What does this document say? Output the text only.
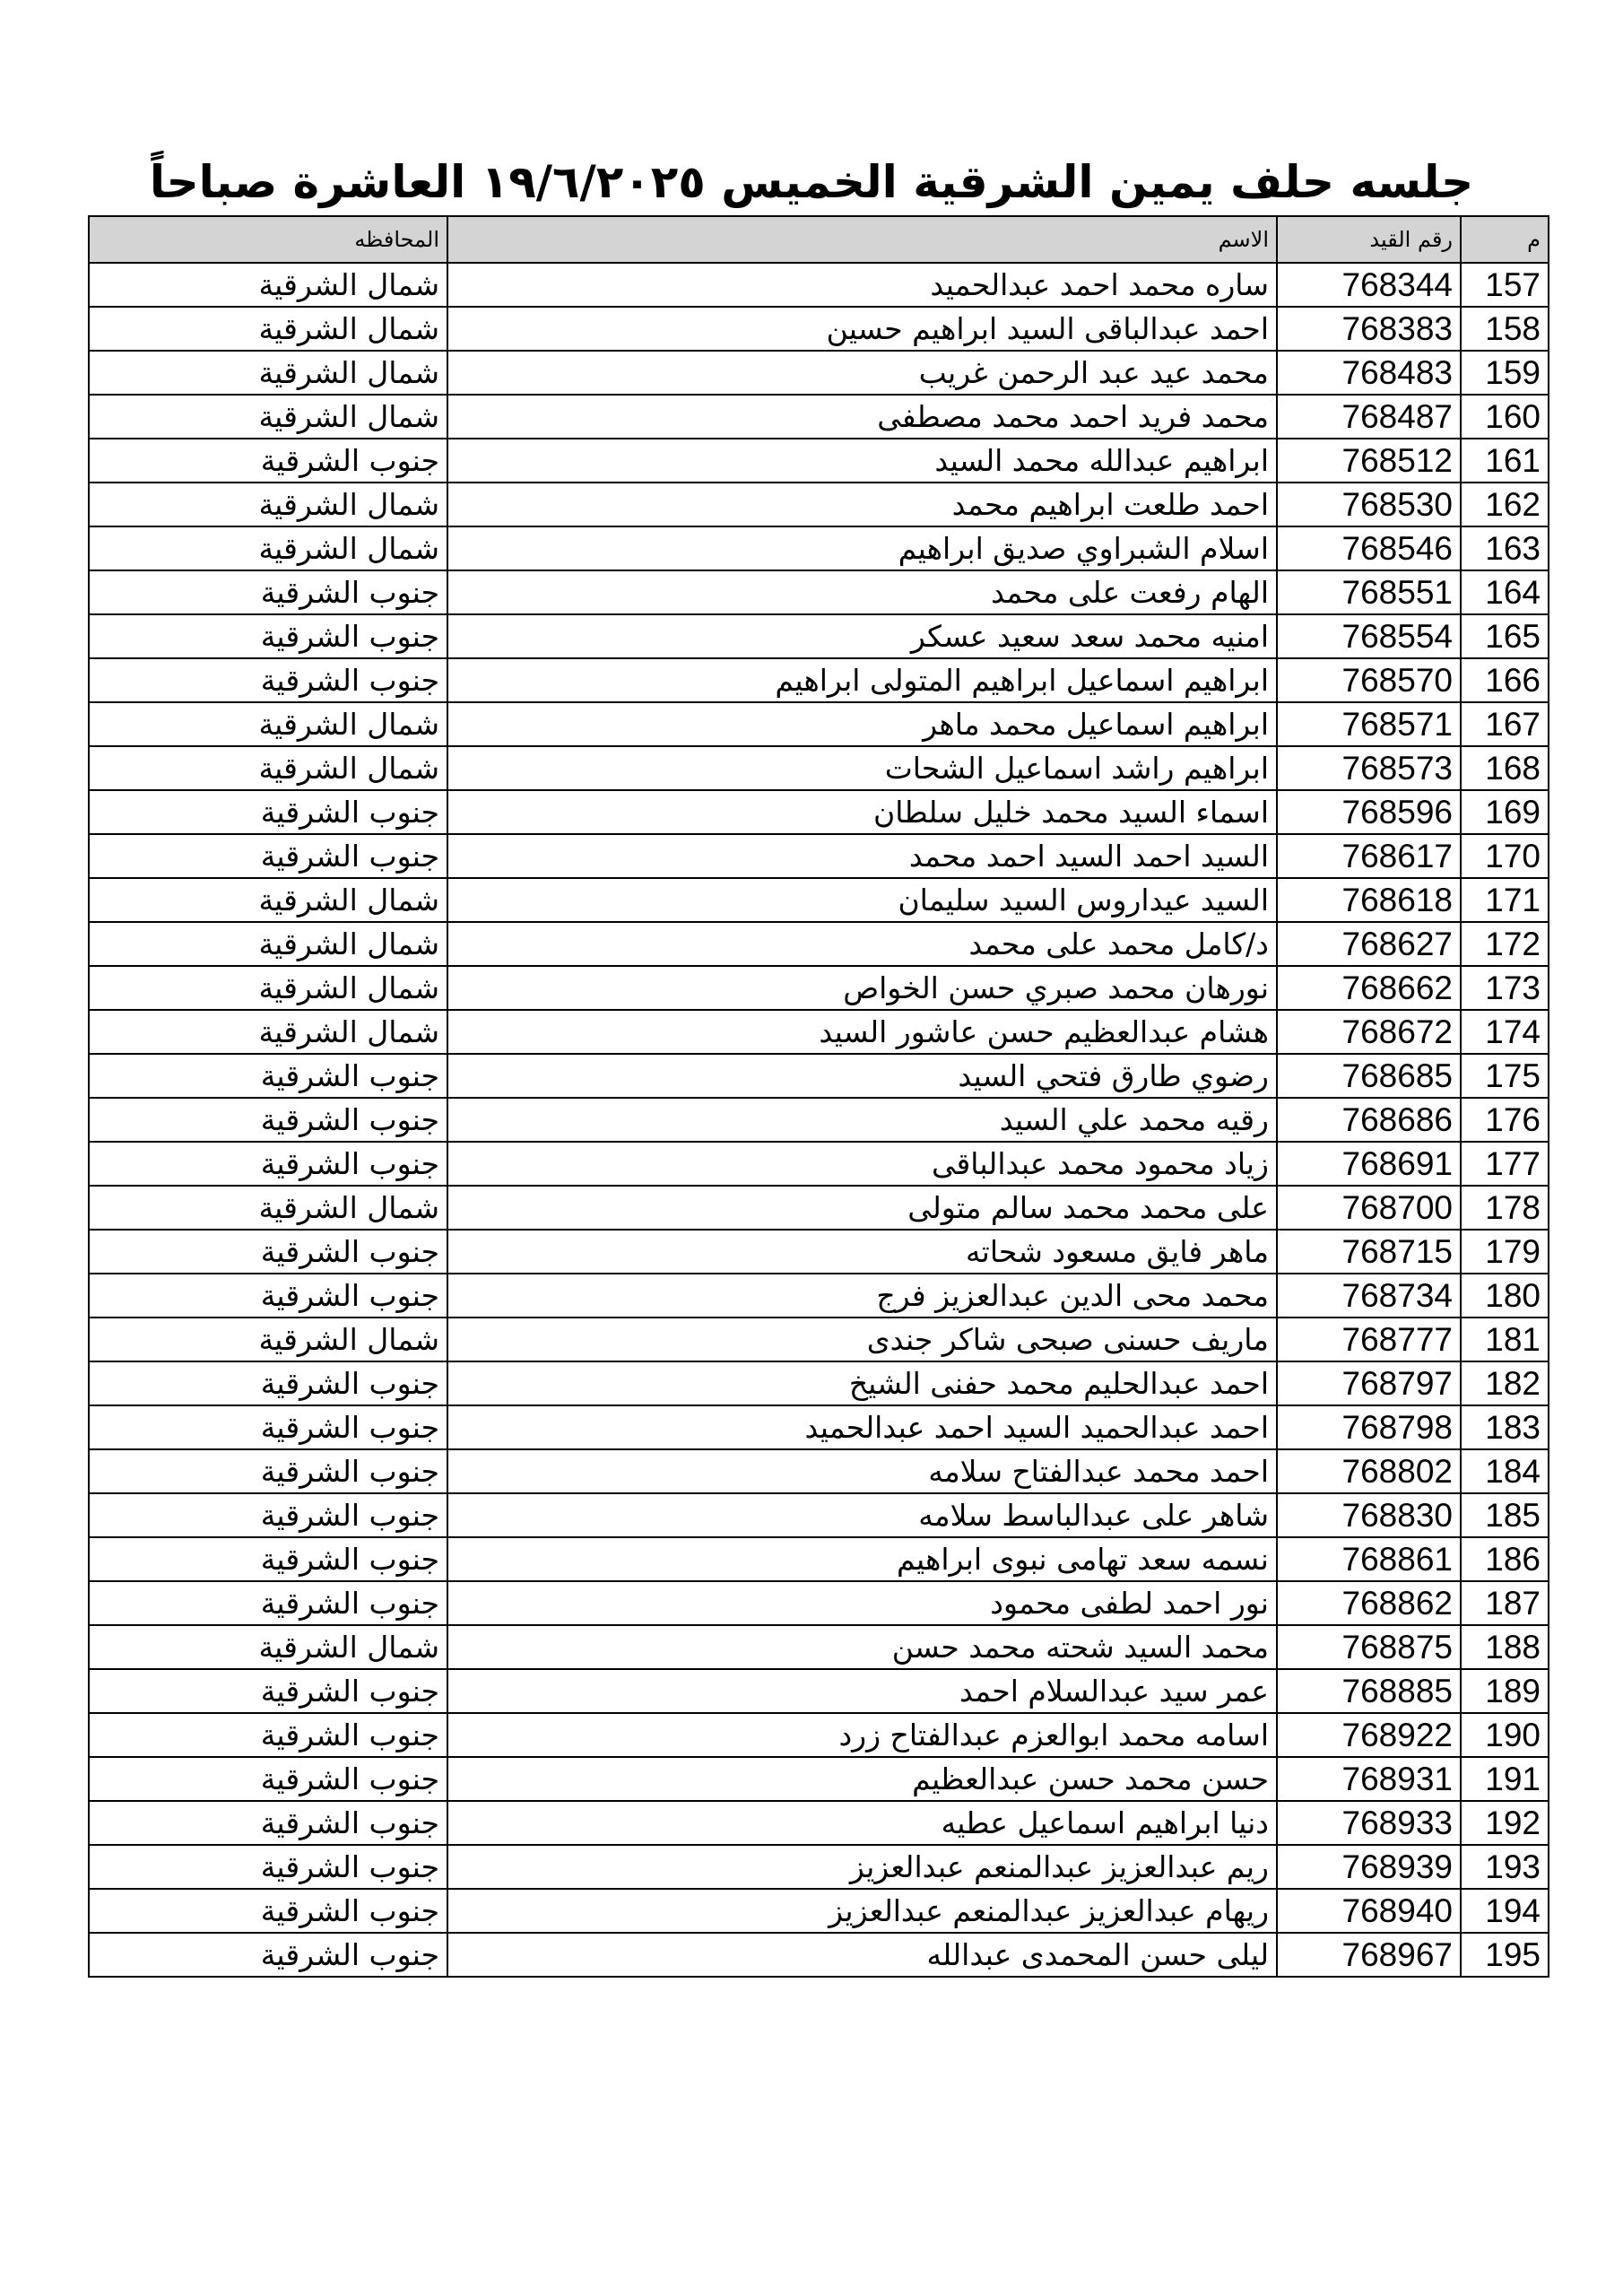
جلسه حلف يمين الشرقية الخميس ١٩/٦/٢٠٢٥ العاشرة صباحاً
م	رقم القيد	الاسم	المحافظه
157	768344	ساره محمد احمد عبدالحميد	شمال الشرقية
158	768383	احمد عبدالباقى السيد ابراهيم حسين	شمال الشرقية
159	768483	محمد عيد عبد الرحمن غريب	شمال الشرقية
160	768487	محمد فريد احمد محمد مصطفى	شمال الشرقية
161	768512	ابراهيم عبدالله محمد السيد	جنوب الشرقية
162	768530	احمد طلعت ابراهيم محمد	شمال الشرقية
163	768546	اسلام الشبراوي صديق ابراهيم	شمال الشرقية
164	768551	الهام رفعت على محمد	جنوب الشرقية
165	768554	امنيه محمد سعد سعيد عسكر	جنوب الشرقية
166	768570	ابراهيم اسماعيل ابراهيم المتولى ابراهيم	جنوب الشرقية
167	768571	ابراهيم اسماعيل محمد ماهر	شمال الشرقية
168	768573	ابراهيم راشد اسماعيل الشحات	شمال الشرقية
169	768596	اسماء السيد محمد خليل سلطان	جنوب الشرقية
170	768617	السيد احمد السيد احمد محمد	جنوب الشرقية
171	768618	السيد عيداروس السيد سليمان	شمال الشرقية
172	768627	د/كامل محمد على محمد	شمال الشرقية
173	768662	نورهان محمد صبري حسن الخواص	شمال الشرقية
174	768672	هشام عبدالعظيم حسن عاشور السيد	شمال الشرقية
175	768685	رضوي طارق فتحي السيد	جنوب الشرقية
176	768686	رقيه محمد علي السيد	جنوب الشرقية
177	768691	زياد محمود محمد عبدالباقى	جنوب الشرقية
178	768700	على محمد محمد سالم متولى	شمال الشرقية
179	768715	ماهر فايق مسعود شحاته	جنوب الشرقية
180	768734	محمد محى الدين عبدالعزيز فرج	جنوب الشرقية
181	768777	ماريف حسنى صبحى شاكر جندى	شمال الشرقية
182	768797	احمد عبدالحليم محمد حفنى الشيخ	جنوب الشرقية
183	768798	احمد عبدالحميد السيد احمد عبدالحميد	جنوب الشرقية
184	768802	احمد محمد عبدالفتاح سلامه	جنوب الشرقية
185	768830	شاهر على عبدالباسط سلامه	جنوب الشرقية
186	768861	نسمه سعد تهامى نبوى ابراهيم	جنوب الشرقية
187	768862	نور احمد لطفى محمود	جنوب الشرقية
188	768875	محمد السيد شحته محمد حسن	شمال الشرقية
189	768885	عمر سيد عبدالسلام احمد	جنوب الشرقية
190	768922	اسامه محمد ابوالعزم عبدالفتاح زرد	جنوب الشرقية
191	768931	حسن محمد حسن عبدالعظيم	جنوب الشرقية
192	768933	دنيا ابراهيم اسماعيل عطيه	جنوب الشرقية
193	768939	ريم عبدالعزيز عبدالمنعم عبدالعزيز	جنوب الشرقية
194	768940	ريهام عبدالعزيز عبدالمنعم عبدالعزيز	جنوب الشرقية
195	768967	ليلى حسن المحمدى عبدالله	جنوب الشرقية
